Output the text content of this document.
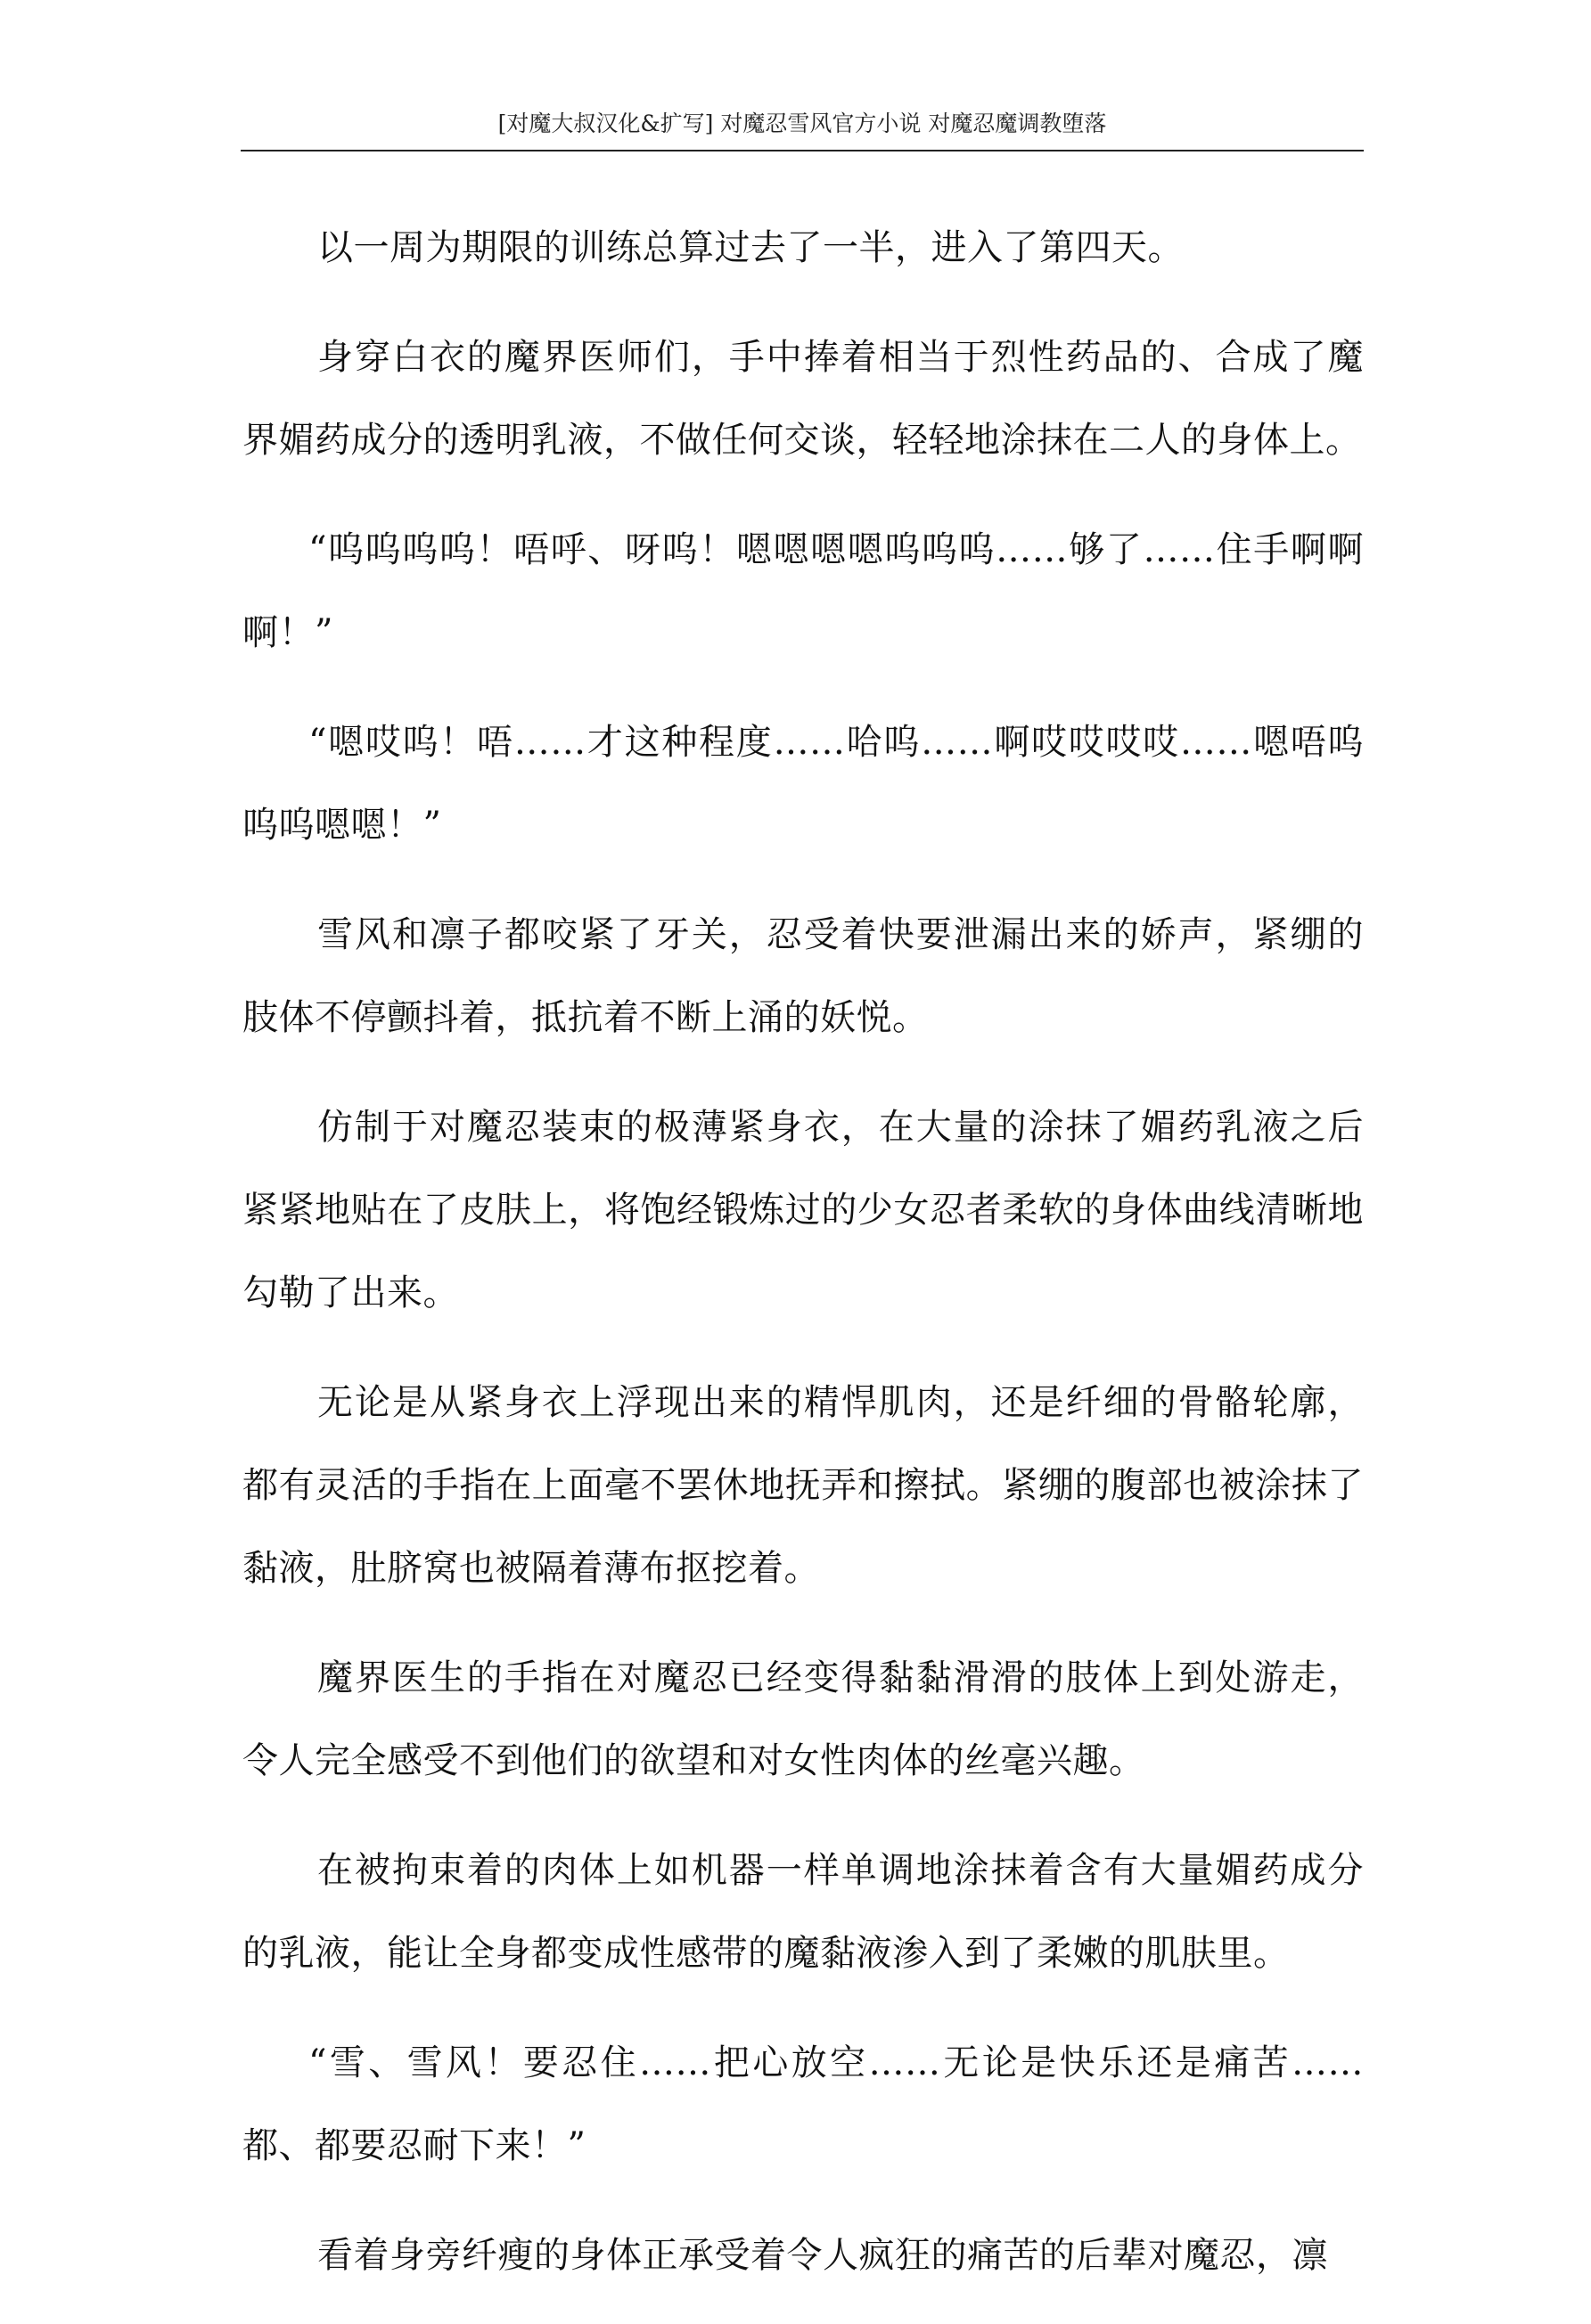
[对魔大叔汉化&扩写] 对魔忍雪风官方小说 对魔忍魔调教堕落

以一周为期限的训练总算过去了一半，进入了第四天。

身穿白衣的魔界医师们，手中捧着相当于烈性药品的、合成了魔界媚药成分的透明乳液，不做任何交谈，轻轻地涂抹在二人的身体上。

“呜呜呜呜！唔呼、呀呜！嗯嗯嗯嗯呜呜呜……够了……住手啊啊啊！”

“嗯哎呜！唔……才这种程度……哈呜……啊哎哎哎哎……嗯唔呜呜呜嗯嗯！”

雪风和凛子都咬紧了牙关，忍受着快要泄漏出来的娇声，紧绷的肢体不停颤抖着，抵抗着不断上涌的妖悦。

仿制于对魔忍装束的极薄紧身衣，在大量的涂抹了媚药乳液之后紧紧地贴在了皮肤上，将饱经锻炼过的少女忍者柔软的身体曲线清晰地勾勒了出来。

无论是从紧身衣上浮现出来的精悍肌肉，还是纤细的骨骼轮廓，都有灵活的手指在上面毫不罢休地抚弄和擦拭。紧绷的腹部也被涂抹了黏液，肚脐窝也被隔着薄布抠挖着。

魔界医生的手指在对魔忍已经变得黏黏滑滑的肢体上到处游走，令人完全感受不到他们的欲望和对女性肉体的丝毫兴趣。

在被拘束着的肉体上如机器一样单调地涂抹着含有大量媚药成分的乳液，能让全身都变成性感带的魔黏液渗入到了柔嫩的肌肤里。

“雪、雪风！要忍住……把心放空……无论是快乐还是痛苦……都、都要忍耐下来！”

看着身旁纤瘦的身体正承受着令人疯狂的痛苦的后辈对魔忍，凛
